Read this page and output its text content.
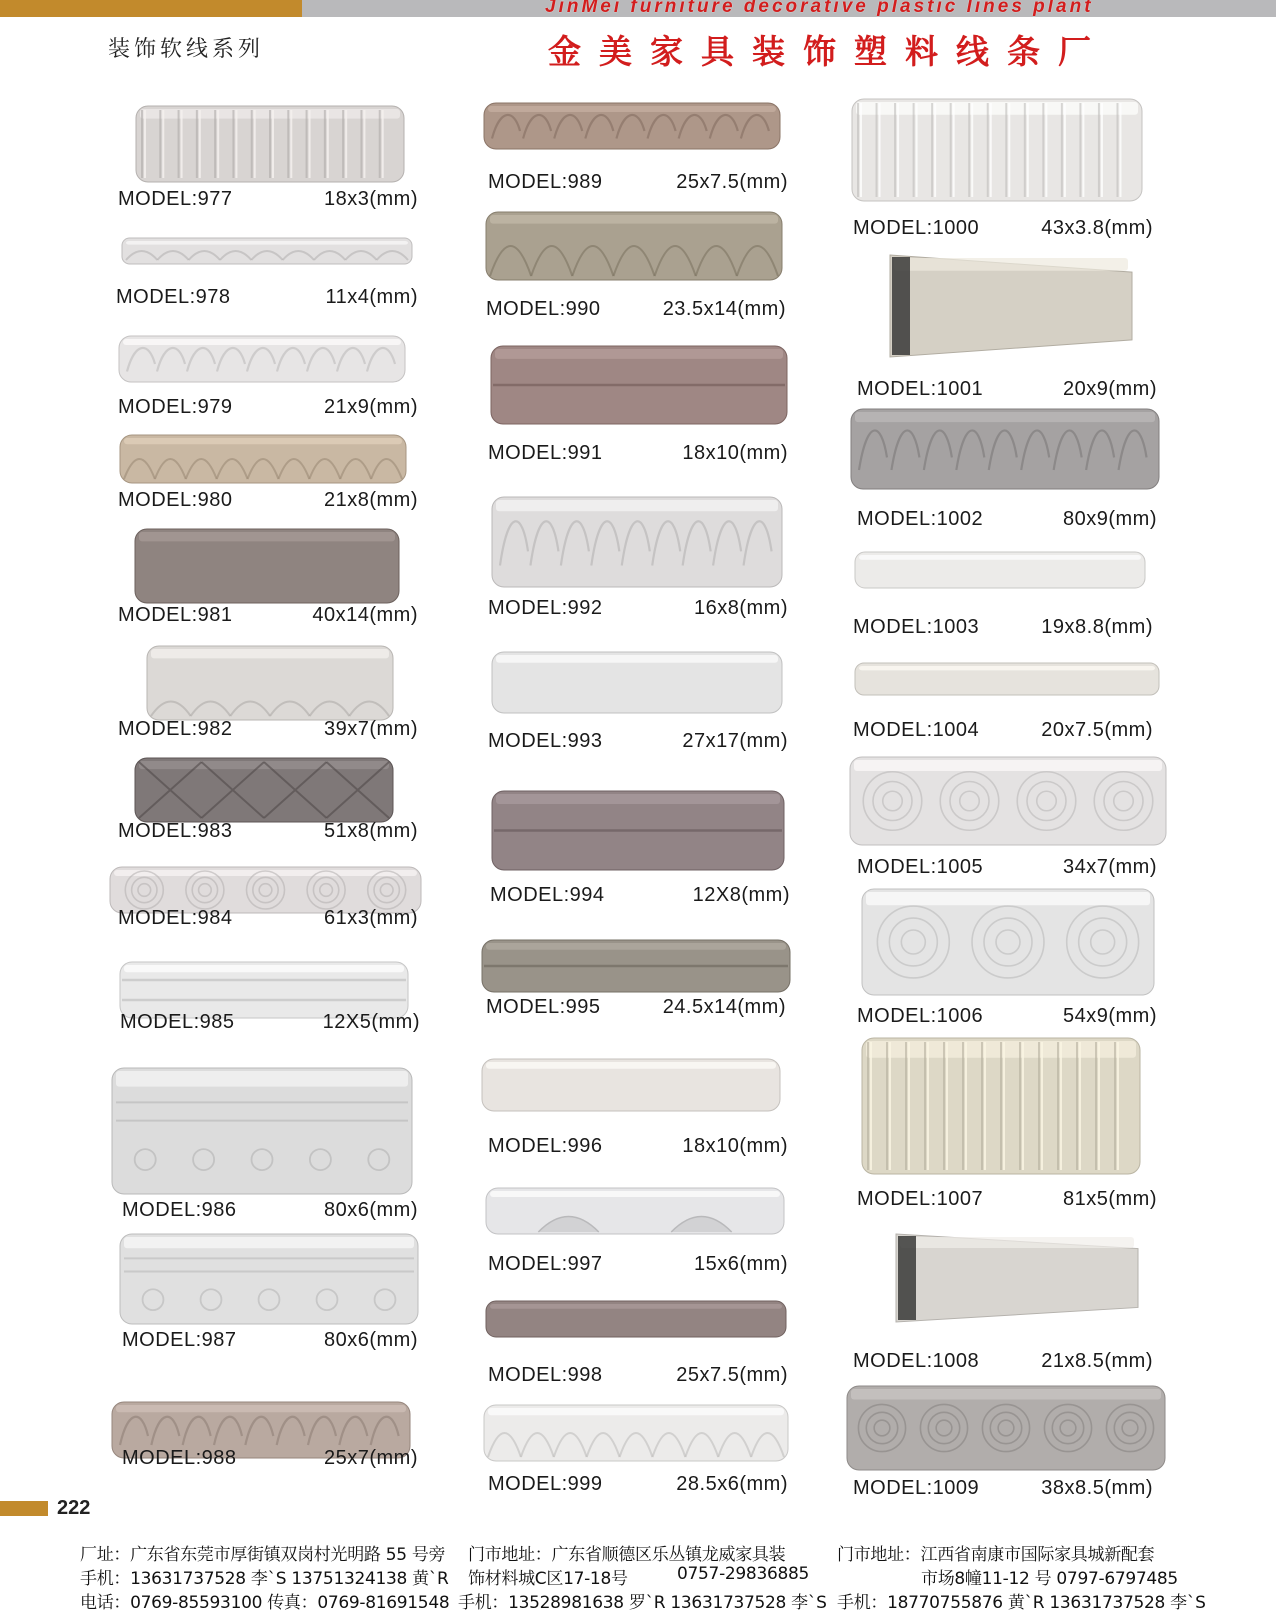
JinMei furniture decorative plastic lines plant
装饰软线系列	金美家具装饰塑料线条厂
MODEL:977	18x3(mm)
MODEL:978	11x4(mm)
MODEL:979	21x9(mm)
MODEL:980	21x8(mm)
MODEL:981	40x14(mm)
MODEL:982	39x7(mm)
MODEL:983	51x8(mm)
MODEL:984	61x3(mm)
MODEL:985	12X5(mm)
MODEL:986	80x6(mm)
MODEL:987	80x6(mm)
MODEL:988	25x7(mm)
MODEL:989	25x7.5(mm)
MODEL:990	23.5x14(mm)
MODEL:991	18x10(mm)
MODEL:992	16x8(mm)
MODEL:993	27x17(mm)
MODEL:994	12X8(mm)
MODEL:995	24.5x14(mm)
MODEL:996	18x10(mm)
MODEL:997	15x6(mm)
MODEL:998	25x7.5(mm)
MODEL:999	28.5x6(mm)
MODEL:1000	43x3.8(mm)
MODEL:1001	20x9(mm)
MODEL:1002	80x9(mm)
MODEL:1003	19x8.8(mm)
MODEL:1004	20x7.5(mm)
MODEL:1005	34x7(mm)
MODEL:1006	54x9(mm)
MODEL:1007	81x5(mm)
MODEL:1008	21x8.5(mm)
MODEL:1009	38x8.5(mm)
222
厂址：广东省东莞市厚街镇双岗村光明路 55 号旁 门市地址：广东省顺德区乐丛镇龙威家具装	门市地址：江西省南康市国际家具城新配套
手机：13631737528 李`S 13751324138 黄`R 饰材料城C区17-18号	0757-29836885	市场8幢11-12 号 0797-6797485
电话：0769-85593100 传真：0769-81691548 手机：13528981638 罗`R 13631737528 李`S 手机：18770755876 黄`R 13631737528 李`S
